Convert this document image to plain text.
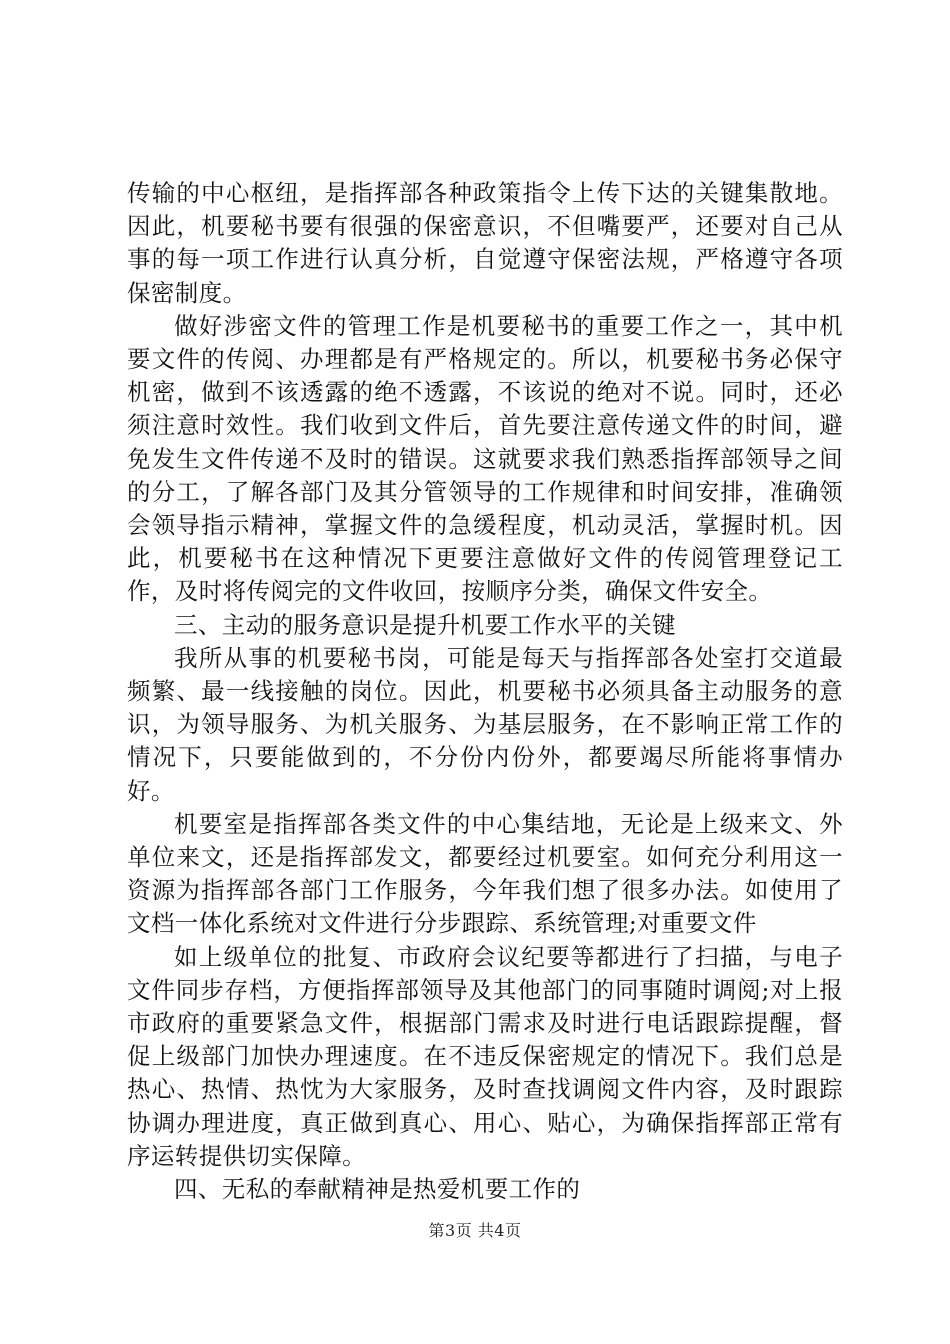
传输的中心枢纽，是指挥部各种政策指令上传下达的关键集散地。因此，机要秘书要有很强的保密意识，不但嘴要严，还要对自己从事的每一项工作进行认真分析，自觉遵守保密法规，严格遵守各项保密制度。

做好涉密文件的管理工作是机要秘书的重要工作之一，其中机要文件的传阅、办理都是有严格规定的。所以，机要秘书务必保守机密，做到不该透露的绝不透露，不该说的绝对不说。同时，还必须注意时效性。我们收到文件后，首先要注意传递文件的时间，避免发生文件传递不及时的错误。这就要求我们熟悉指挥部领导之间的分工，了解各部门及其分管领导的工作规律和时间安排，准确领会领导指示精神，掌握文件的急缓程度，机动灵活，掌握时机。因此，机要秘书在这种情况下更要注意做好文件的传阅管理登记工作，及时将传阅完的文件收回，按顺序分类，确保文件安全。

三、主动的服务意识是提升机要工作水平的关键

我所从事的机要秘书岗，可能是每天与指挥部各处室打交道最频繁、最一线接触的岗位。因此，机要秘书必须具备主动服务的意识，为领导服务、为机关服务、为基层服务，在不影响正常工作的情况下，只要能做到的，不分份内份外，都要竭尽所能将事情办好。

机要室是指挥部各类文件的中心集结地，无论是上级来文、外单位来文，还是指挥部发文，都要经过机要室。如何充分利用这一资源为指挥部各部门工作服务，今年我们想了很多办法。如使用了文档一体化系统对文件进行分步跟踪、系统管理;对重要文件

如上级单位的批复、市政府会议纪要等都进行了扫描，与电子文件同步存档，方便指挥部领导及其他部门的同事随时调阅;对上报市政府的重要紧急文件，根据部门需求及时进行电话跟踪提醒，督促上级部门加快办理速度。在不违反保密规定的情况下。我们总是热心、热情、热忱为大家服务，及时查找调阅文件内容，及时跟踪协调办理进度，真正做到真心、用心、贴心，为确保指挥部正常有序运转提供切实保障。

四、无私的奉献精神是热爱机要工作的

第3页 共4页
